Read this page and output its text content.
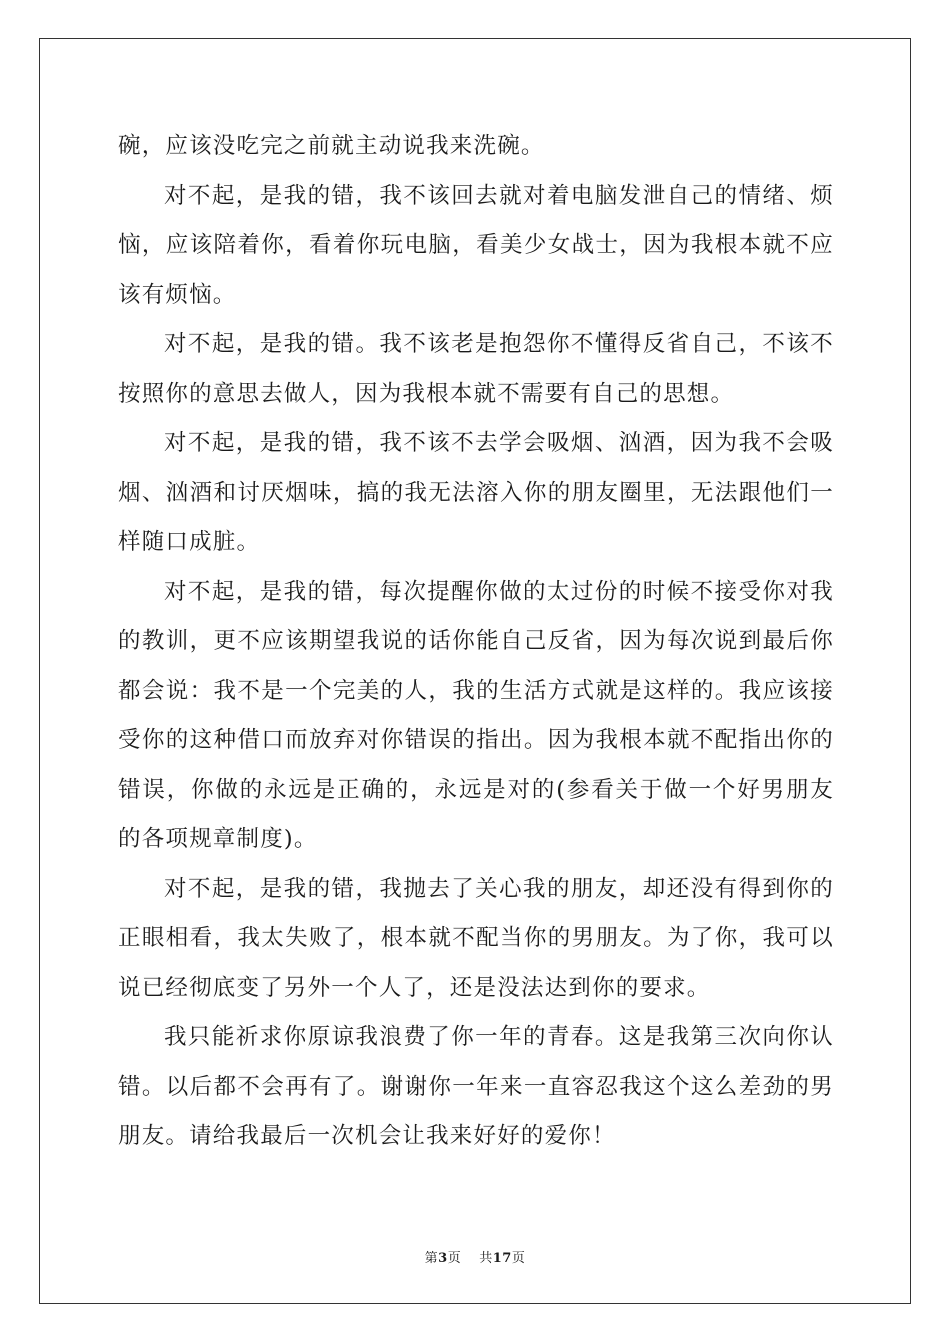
碗，应该没吃完之前就主动说我来洗碗。

对不起，是我的错，我不该回去就对着电脑发泄自己的情绪、烦恼，应该陪着你，看着你玩电脑，看美少女战士，因为我根本就不应该有烦恼。

对不起，是我的错。我不该老是抱怨你不懂得反省自己，不该不按照你的意思去做人，因为我根本就不需要有自己的思想。

对不起，是我的错，我不该不去学会吸烟、汹酒，因为我不会吸烟、汹酒和讨厌烟味，搞的我无法溶入你的朋友圈里，无法跟他们一样随口成脏。

对不起，是我的错，每次提醒你做的太过份的时候不接受你对我的教训，更不应该期望我说的话你能自己反省，因为每次说到最后你都会说：我不是一个完美的人，我的生活方式就是这样的。我应该接受你的这种借口而放弃对你错误的指出。因为我根本就不配指出你的错误，你做的永远是正确的，永远是对的(参看关于做一个好男朋友的各项规章制度)。

对不起，是我的错，我抛去了关心我的朋友，却还没有得到你的正眼相看，我太失败了，根本就不配当你的男朋友。为了你，我可以说已经彻底变了另外一个人了，还是没法达到你的要求。

我只能祈求你原谅我浪费了你一年的青春。这是我第三次向你认错。以后都不会再有了。谢谢你一年来一直容忍我这个这么差劲的男朋友。请给我最后一次机会让我来好好的爱你！

第3页 共17页
